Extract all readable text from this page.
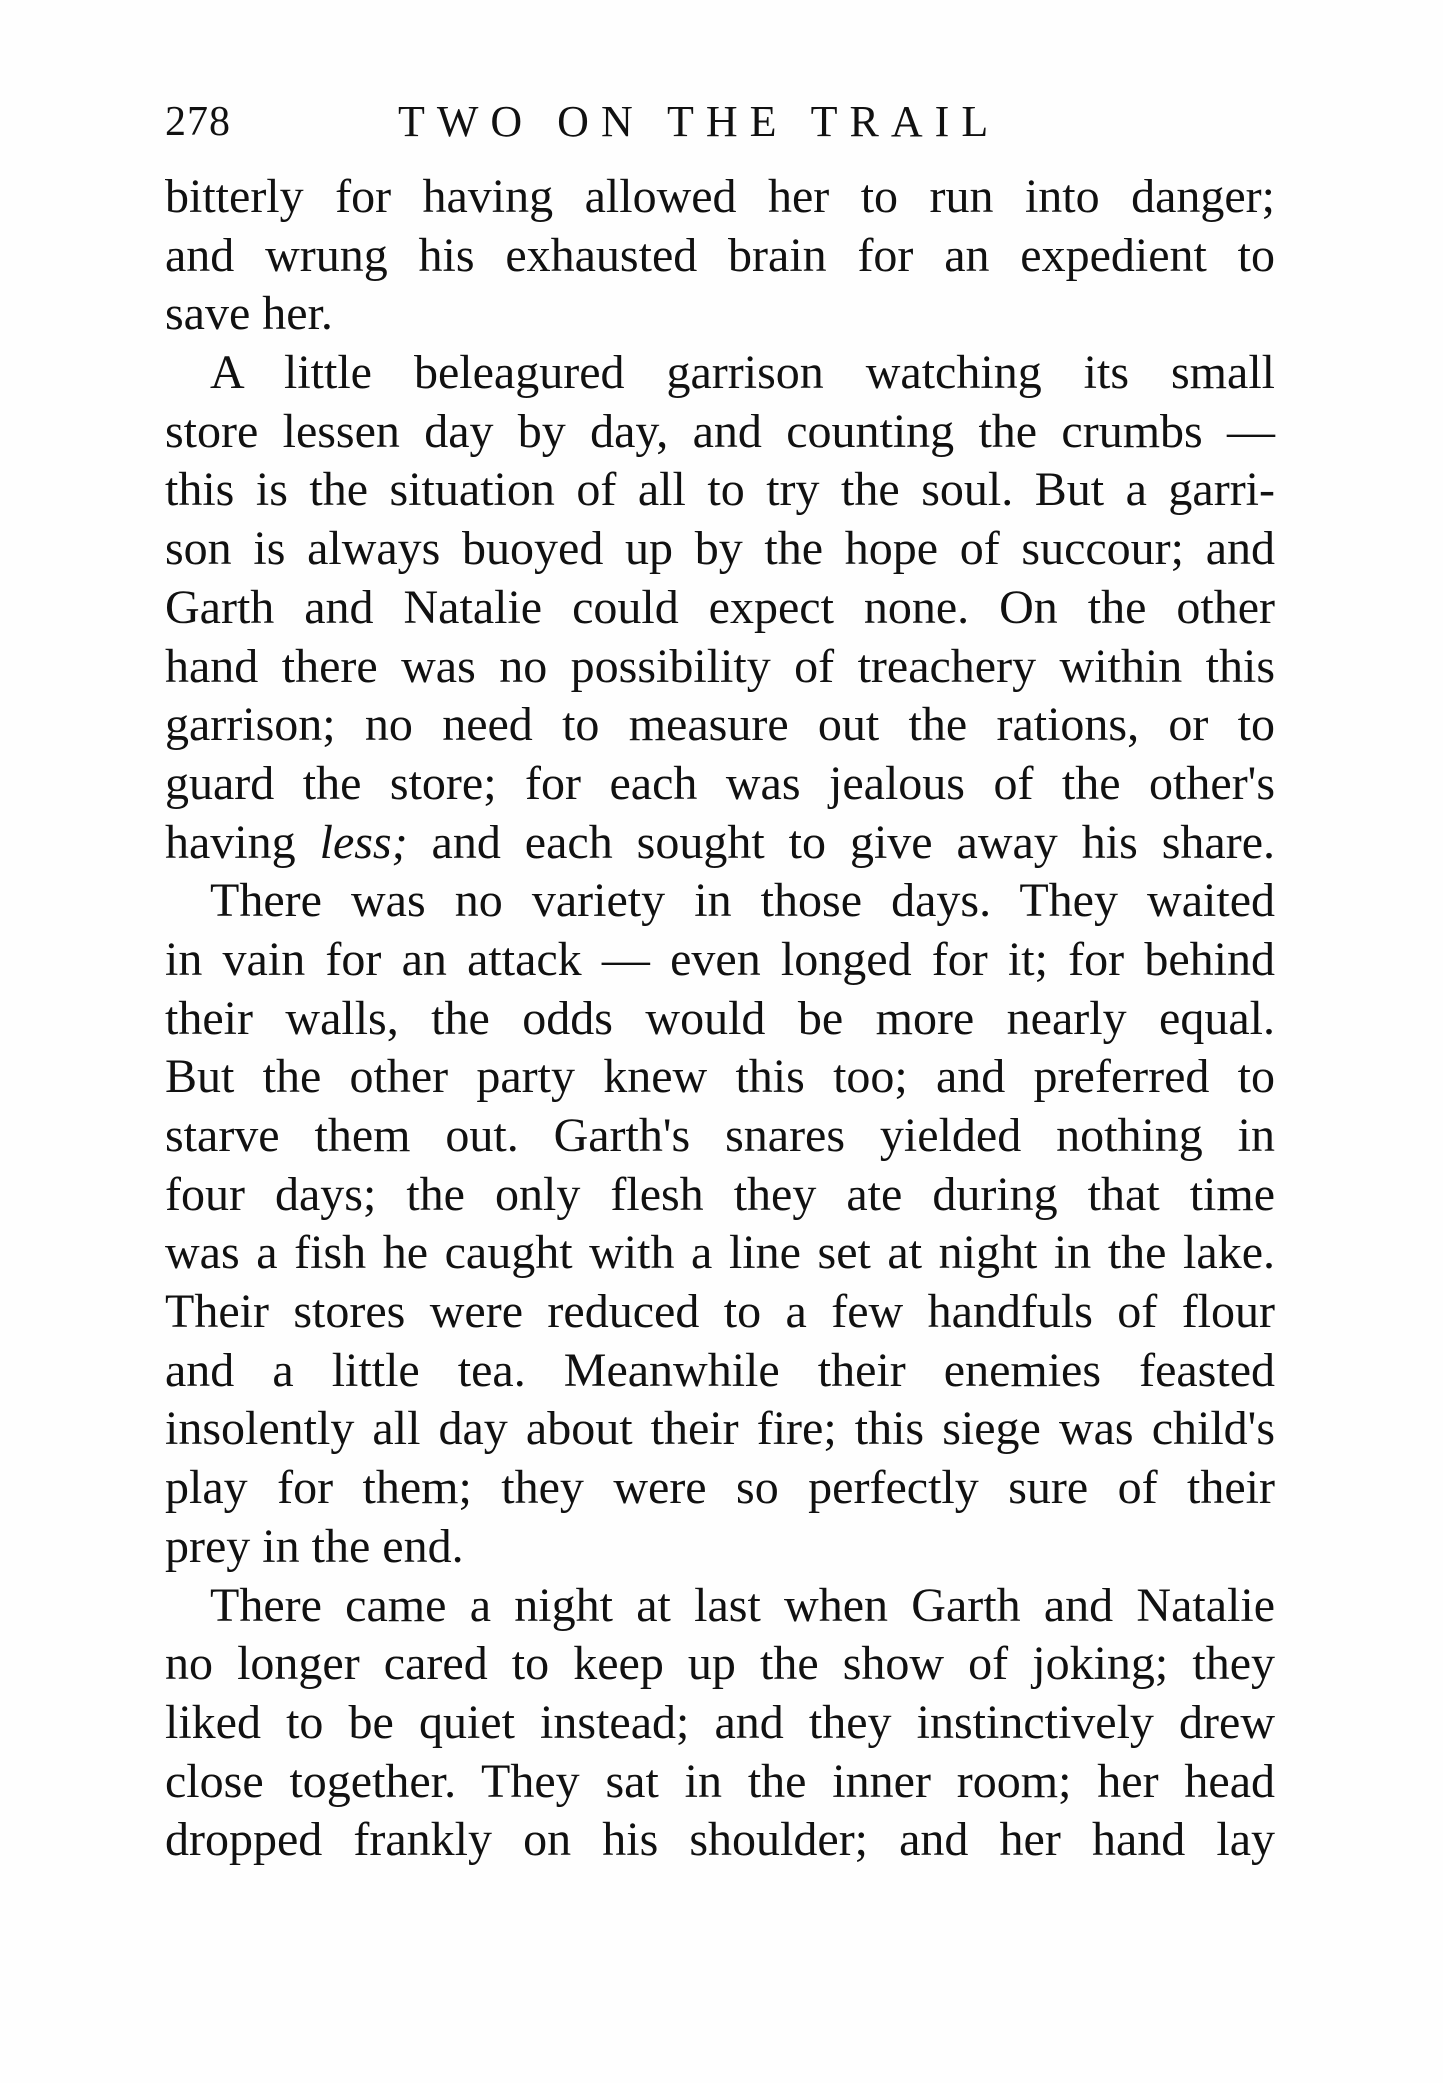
278	TWO ON THE TRAIL
bitterly for having allowed her to run into danger;
and wrung his exhausted brain for an expedient to
save her.
A little beleagured garrison watching its small
store lessen day by day, and counting the crumbs —
this is the situation of all to try the soul. But a garri-
son is always buoyed up by the hope of succour; and
Garth and Natalie could expect none. On the other
hand there was no possibility of treachery within this
garrison; no need to measure out the rations, or to
guard the store; for each was jealous of the other's
having less; and each sought to give away his share.
There was no variety in those days. They waited
in vain for an attack — even longed for it; for behind
their walls, the odds would be more nearly equal.
But the other party knew this too; and preferred to
starve them out. Garth's snares yielded nothing in
four days; the only flesh they ate during that time
was a fish he caught with a line set at night in the lake.
Their stores were reduced to a few handfuls of flour
and a little tea. Meanwhile their enemies feasted
insolently all day about their fire; this siege was child's
play for them; they were so perfectly sure of their
prey in the end.
There came a night at last when Garth and Natalie
no longer cared to keep up the show of joking; they
liked to be quiet instead; and they instinctively drew
close together. They sat in the inner room; her head
dropped frankly on his shoulder; and her hand lay
